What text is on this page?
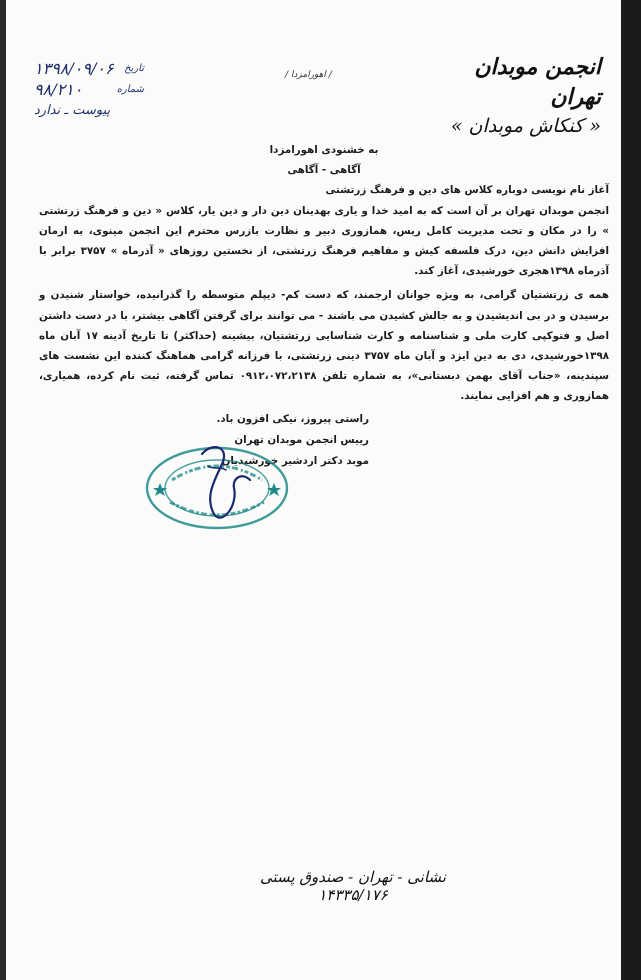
انجمن موبدان تهران
« کنکاش موبدان »
/ اهورامزدا /
۱۳۹۸/۰۹/۰۶ تاریخ
۹۸/۲۱۰	شماره
پیوست ـ ندارد
به خشنودی اهورامزدا
آگاهی - آگاهی
آغاز نام نویسی دوباره کلاس های دین و فرهنگ زرتشتی

انجمن موبدان تهران بر آن است که به امید خدا و یاری بهدینان دین دار و دین یار، کلاس « دین و فرهنگ زرتشتی » را در مکان و تحت مدیریت کامل ریس، همازوری دبیر و نظارت بازرس محترم این انجمن مینوی، به ارمان افزایش دانش دین، درک فلسفه کیش و مفاهیم فرهنگ زرتشتی، از نخستین روزهای « آذرماه » ۳۷۵۷ برابر با آذرماه ۱۳۹۸هجری خورشیدی، آغاز کند.

همه ی زرتشتیان گرامی، به ویژه جوانان ارجمند، که دست کم- دیپلم متوسطه را گذرانیده، خواستار شنیدن و برسیدن و در بی اندیشیدن و به جالش کشیدن می باشند - می توانند برای گرفتن آگاهی بیشتر، با در دست داشتن اصل و فتوکپی کارت ملی و شناسنامه و کارت شناسایی زرتشتیان، بیشینه (حداکثر) تا تاریخ آدینه ۱۷ آبان ماه ۱۳۹۸خورشیدی، دی به دین ایزد و آبان ماه ۳۷۵۷ دینی زرتشتی، با فرزانه گرامی هماهنگ کننده این نشست های سپندینه، «جناب آقای بهمن دبستانی»، به شماره تلفن ۰۹۱۲،۰۷۲،۲۱۳۸ تماس گرفته، ثبت نام کرده، همیاری، همازوری و هم افزایی نمایند.

راستی پیروز، نیکی افزون باد.
رییس انجمن موبدان تهران
موبد دکتر اردشیر خورشیدیان
نشانی - تهران - صندوق پستی ۱۴۳۳۵/۱۷۶
